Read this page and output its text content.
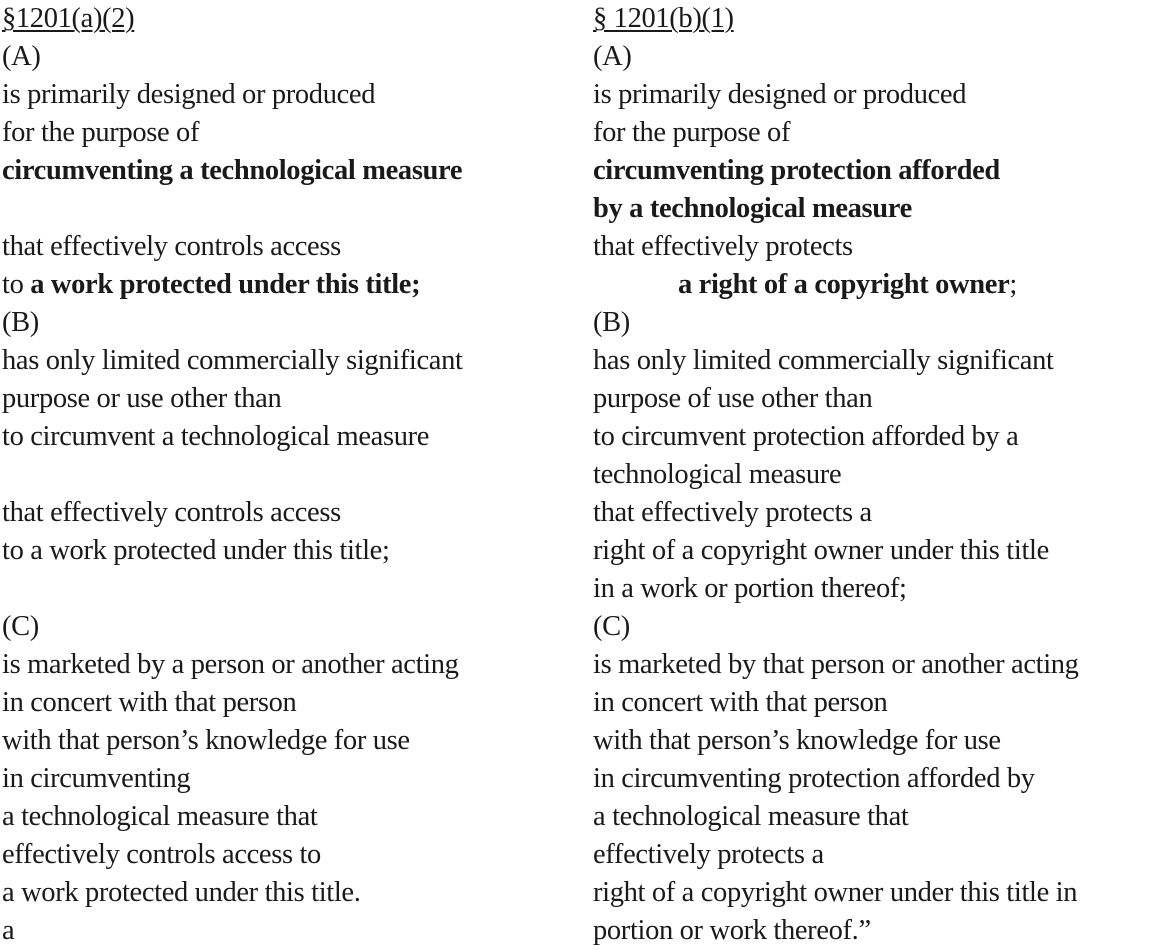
§1201(a)(2)
(A)
is primarily designed or produced
for the purpose of
circumventing a technological measure
that effectively controls access
to a work protected under this title;
(B)
has only limited commercially significant
purpose or use other than
to circumvent a technological measure
that effectively controls access
to a work protected under this title;
(C)
is marketed by a person or another acting
in concert with that person
with that person’s knowledge for use
in circumventing
a technological measure that
effectively controls access to
a work protected under this title.
a
§ 1201(b)(1)
(A)
is primarily designed or produced
for the purpose of
circumventing protection afforded
by a technological measure
that effectively protects
a right of a copyright owner;
(B)
has only limited commercially significant
purpose of use other than
to circumvent protection afforded by a
technological measure
that effectively protects a
right of a copyright owner under this title
in a work or portion thereof;
(C)
is marketed by that person or another acting
in concert with that person
with that person’s knowledge for use
in circumventing protection afforded by
a technological measure that
effectively protects a
right of a copyright owner under this title in
portion or work thereof.”
